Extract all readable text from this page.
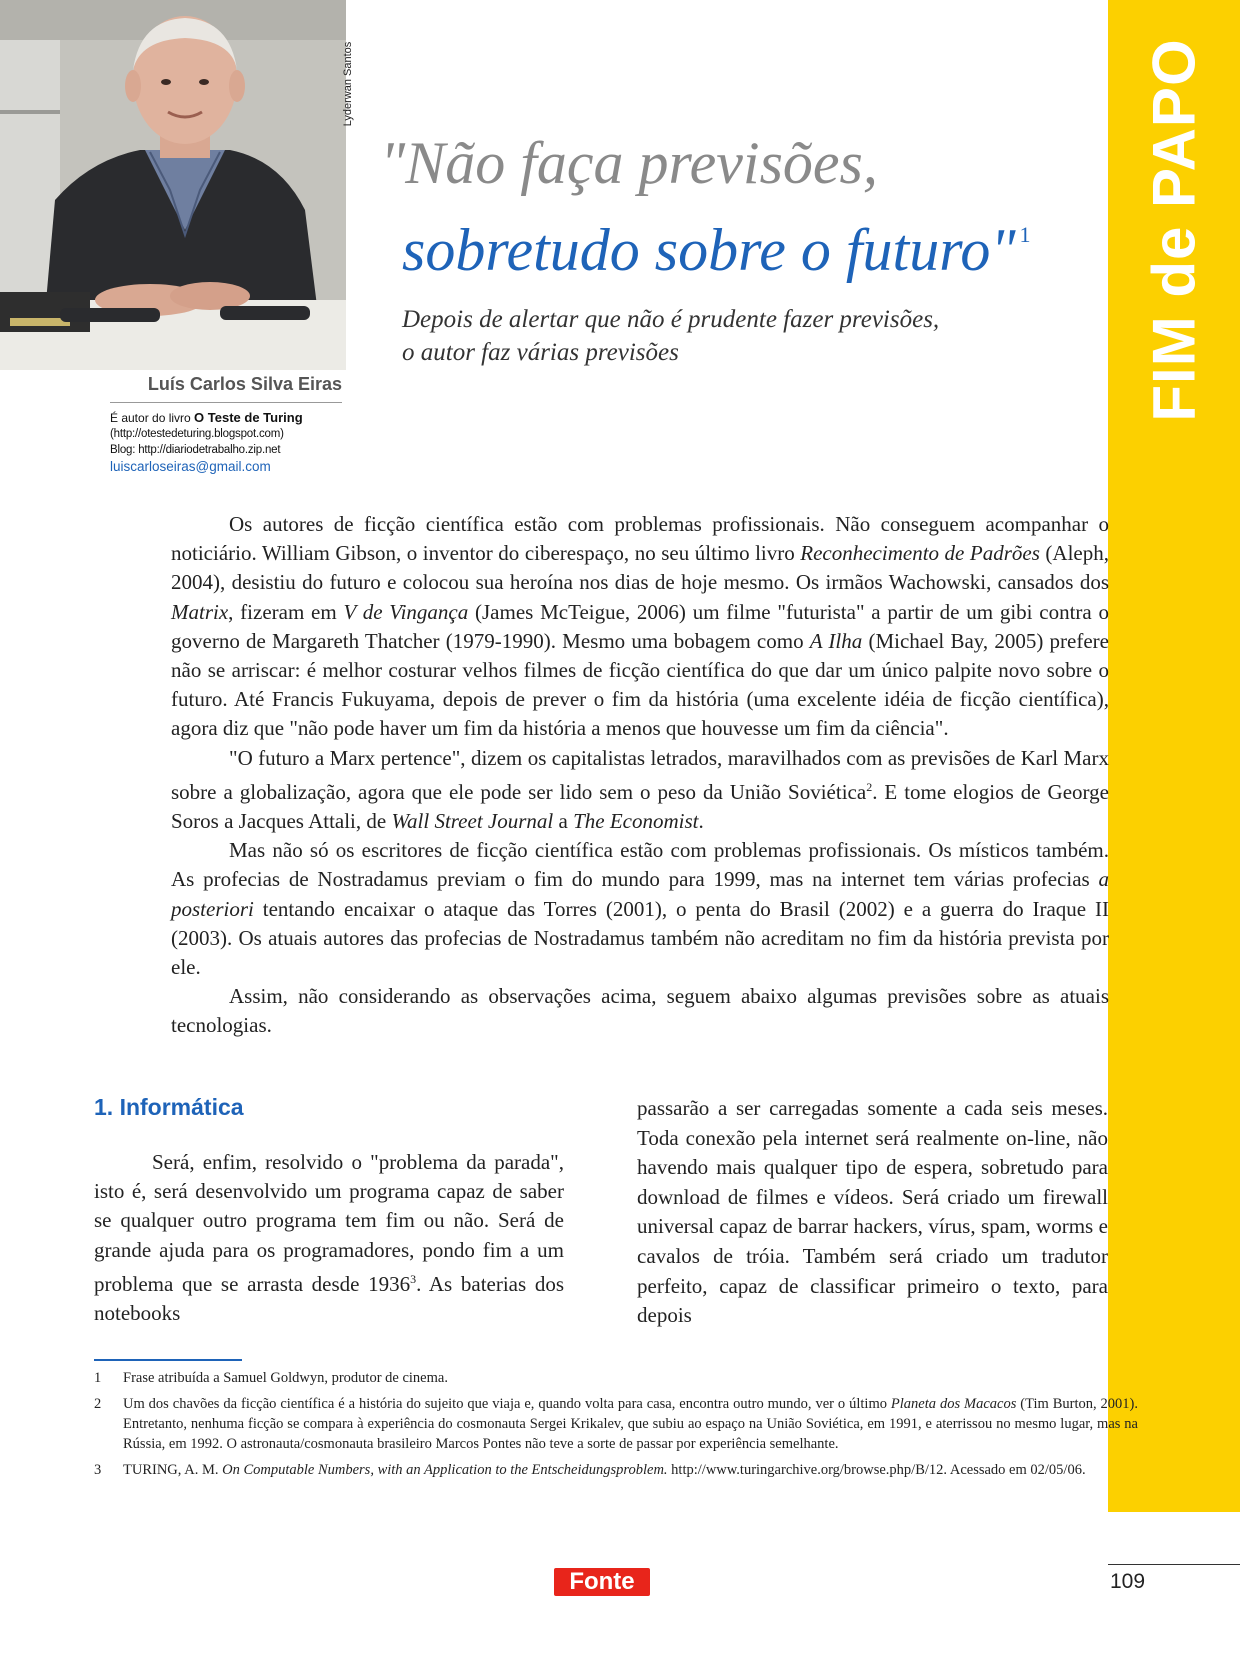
Lyderwan Santos
Luís Carlos Silva Eiras
É autor do livro O Teste de Turing
(http://otestedeturing.blogspot.com)
Blog: http://diariodetrabalho.zip.net
luiscarloseiras@gmail.com
"Não faça previsões,
sobretudo sobre o futuro" $^1$
Depois de alertar que não é prudente fazer previsões,
o autor faz várias previsões	FIM de PAPO

Os autores de ficção científica estão com problemas profissionais. Não conseguem acompanhar o noticiário. William Gibson, o inventor do ciberespaço, no seu último livro Reconhecimento de Padrões (Aleph, 2004), desistiu do futuro e colocou sua heroína nos dias de hoje mesmo. Os irmãos Wachowski, cansados dos Matrix, fizeram em V de Vingança (James McTeigue, 2006) um filme "futurista" a partir de um gibi contra o governo de Margareth Thatcher (1979-1990). Mesmo uma bobagem como A Ilha (Michael Bay, 2005) prefere não se arriscar: é melhor costurar velhos filmes de ficção científica do que dar um único palpite novo sobre o futuro. Até Francis Fukuyama, depois de prever o fim da história (uma excelente idéia de ficção científica), agora diz que "não pode haver um fim da história a menos que houvesse um fim da ciência".

"O futuro a Marx pertence", dizem os capitalistas letrados, maravilhados com as previsões de Karl Marx sobre a globalização, agora que ele pode ser lido sem o peso da União Soviética$^2$. E tome elogios de George Soros a Jacques Attali, de Wall Street Journal a The Economist.

Mas não só os escritores de ficção científica estão com problemas profissionais. Os místicos também. As profecias de Nostradamus previam o fim do mundo para 1999, mas na internet tem várias profecias a posteriori tentando encaixar o ataque das Torres (2001), o penta do Brasil (2002) e a guerra do Iraque II (2003). Os atuais autores das profecias de Nostradamus também não acreditam no fim da história prevista por ele.

Assim, não considerando as observações acima, seguem abaixo algumas previsões sobre as atuais tecnologias.

1. Informática

Será, enfim, resolvido o "problema da parada", isto é, será desenvolvido um programa capaz de saber se qualquer outro programa tem fim ou não. Será de grande ajuda para os programadores, pondo fim a um problema que se arrasta desde 1936$^3$. As baterias dos notebooks

passarão a ser carregadas somente a cada seis meses. Toda conexão pela internet será realmente on-line, não havendo mais qualquer tipo de espera, sobretudo para download de filmes e vídeos. Será criado um firewall universal capaz de barrar hackers, vírus, spam, worms e cavalos de tróia. Também será criado um tradutor perfeito, capaz de classificar primeiro o texto, para depois

1 Frase atribuída a Samuel Goldwyn, produtor de cinema.
2 Um dos chavões da ficção científica é a história do sujeito que viaja e, quando volta para casa, encontra outro mundo, ver o último Planeta dos Macacos (Tim Burton, 2001). Entretanto, nenhuma ficção se compara à experiência do cosmonauta Sergei Krikalev, que subiu ao espaço na União Soviética, em 1991, e aterrissou no mesmo lugar, mas na Rússia, em 1992. O astronauta/cosmonauta brasileiro Marcos Pontes não teve a sorte de passar por experiência semelhante.
3 TURING, A. M. On Computable Numbers, with an Application to the Entscheidungsproblem. http://www.turingarchive.org/browse.php/B/12. Acessado em 02/05/06.
Fonte	109
